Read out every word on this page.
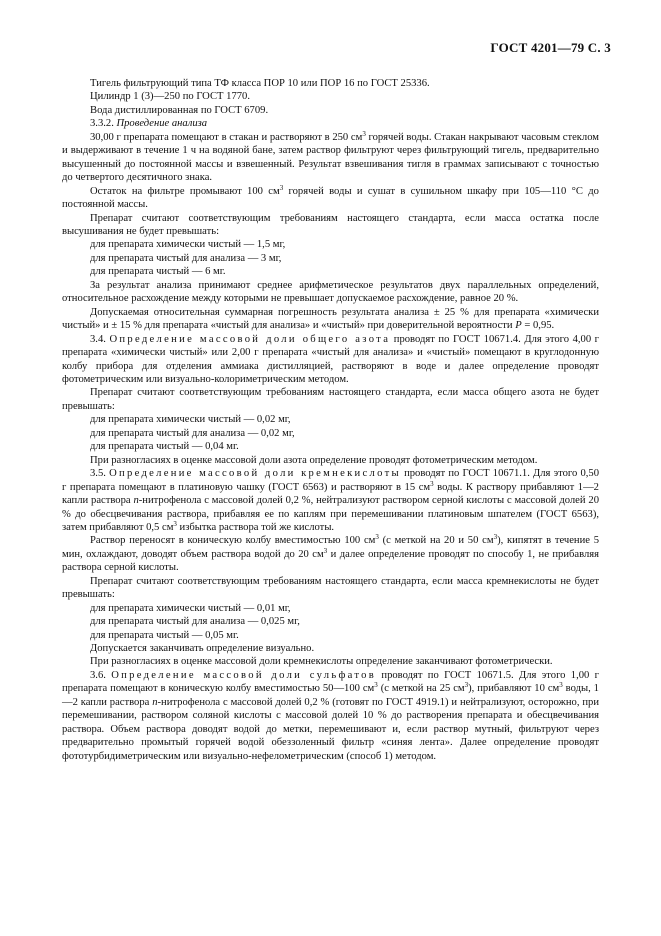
ГОСТ 4201—79 С. 3

Тигель фильтрующий типа ТФ класса ПОР 10 или ПОР 16 по ГОСТ 25336.

Цилиндр 1 (3)—250 по ГОСТ 1770.

Вода дистиллированная по ГОСТ 6709.

3.3.2. Проведение анализа

30,00 г препарата помещают в стакан и растворяют в 250 $см^3$ горячей воды. Стакан накрывают часовым стеклом и выдерживают в течение 1 ч на водяной бане, затем раствор фильтруют через фильтрующий тигель, предварительно высушенный до постоянной массы и взвешенный. Результат взвешивания тигля в граммах записывают с точностью до четвертого десятичного знака.

Остаток на фильтре промывают 100 $см^3$ горячей воды и сушат в сушильном шкафу при 105—110 °С до постоянной массы.

Препарат считают соответствующим требованиям настоящего стандарта, если масса остатка после высушивания не будет превышать:

для препарата химически чистый — 1,5 мг,

для препарата чистый для анализа — 3 мг,

для препарата чистый — 6 мг.

За результат анализа принимают среднее арифметическое результатов двух параллельных определений, относительное расхождение между которыми не превышает допускаемое расхождение, равное 20 %.

Допускаемая относительная суммарная погрешность результата анализа ± 25 % для препарата «химически чистый» и ± 15 % для препарата «чистый для анализа» и «чистый» при доверительной вероятности Р = 0,95.

3.4. Определение массовой доли общего азота проводят по ГОСТ 10671.4. Для этого 4,00 г препарата «химически чистый» или 2,00 г препарата «чистый для анализа» и «чистый» помещают в круглодонную колбу прибора для отделения аммиака дистилляцией, растворяют в воде и далее определение проводят фотометрическим или визуально-колориметрическим методом.

Препарат считают соответствующим требованиям настоящего стандарта, если масса общего азота не будет превышать:

для препарата химически чистый — 0,02 мг,

для препарата чистый для анализа — 0,02 мг,

для препарата чистый — 0,04 мг.

При разногласиях в оценке массовой доли азота определение проводят фотометрическим методом.

3.5. Определение массовой доли кремнекислоты проводят по ГОСТ 10671.1. Для этого 0,50 г препарата помещают в платиновую чашку (ГОСТ 6563) и растворяют в 15 $см^3$ воды. К раствору прибавляют 1—2 капли раствора n-нитрофенола с массовой долей 0,2 %, нейтрализуют раствором серной кислоты с массовой долей 20 % до обесцвечивания раствора, прибавляя ее по каплям при перемешивании платиновым шпателем (ГОСТ 6563), затем прибавляют 0,5 $см^3$ избытка раствора той же кислоты.

Раствор переносят в коническую колбу вместимостью 100 $см^3$ (с меткой на 20 и 50 $см^3$), кипятят в течение 5 мин, охлаждают, доводят объем раствора водой до 20 $см^3$ и далее определение проводят по способу 1, не прибавляя раствора серной кислоты.

Препарат считают соответствующим требованиям настоящего стандарта, если масса кремнекислоты не будет превышать:

для препарата химически чистый — 0,01 мг,

для препарата чистый для анализа — 0,025 мг,

для препарата чистый — 0,05 мг.

Допускается заканчивать определение визуально.

При разногласиях в оценке массовой доли кремнекислоты определение заканчивают фотометрически.

3.6. Определение массовой доли сульфатов проводят по ГОСТ 10671.5. Для этого 1,00 г препарата помещают в коническую колбу вместимостью 50—100 $см^3$ (с меткой на 25 $см^3$), прибавляют 10 $см^3$ воды, 1—2 капли раствора n-нитрофенола с массовой долей 0,2 % (готовят по ГОСТ 4919.1) и нейтрализуют, осторожно, при перемешивании, раствором соляной кислоты с массовой долей 10 % до растворения препарата и обесцвечивания раствора. Объем раствора доводят водой до метки, перемешивают и, если раствор мутный, фильтруют через предварительно промытый горячей водой обеззоленный фильтр «синяя лента». Далее определение проводят фототурбидиметрическим или визуально-нефелометрическим (способ 1) методом.
